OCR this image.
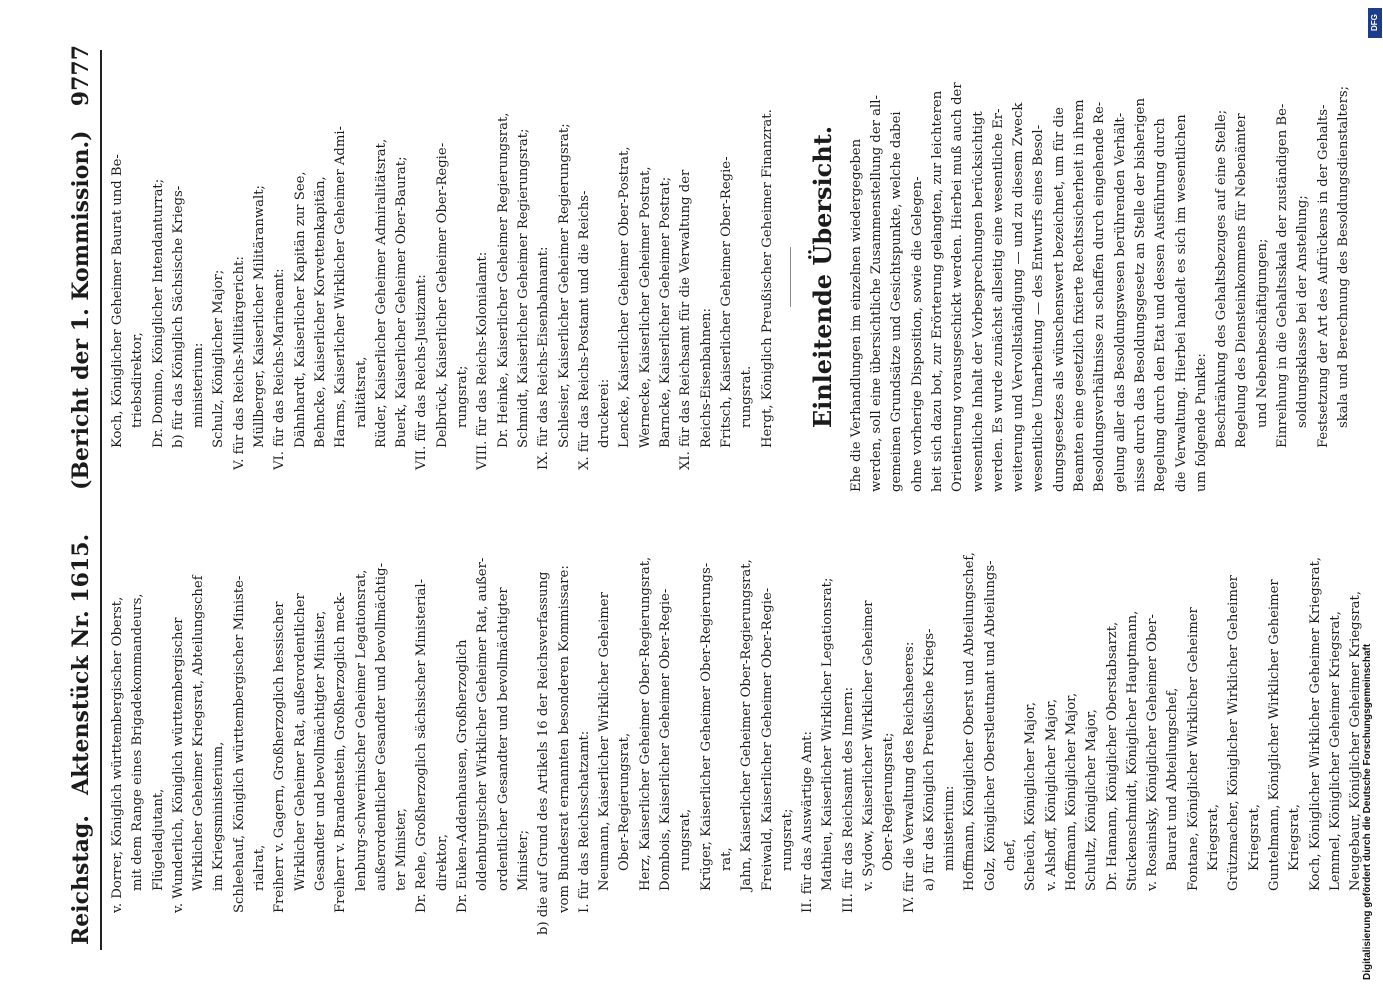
Reichstag.
Aktenstück Nr. 1615.
(Bericht der 1. Kommission.)
9777
v. Dorrer, Königlich württembergischer Oberst, mit dem Range eines Brigadekommandeurs, Flügeladjutant, v. Wunderlich, Königlich württembergischer Wirklicher Geheimer Kriegsrat, Abteilungschef im Kriegsministerium, Schleehauf, Königlich württembergischer Ministe- rialrat, Freiherr v. Gagern, Großherzoglich hessischer Wirklicher Geheimer Rat, außerordentlicher Gesandter und bevollmächtigter Minister, Freiherr v. Brandenstein, Großherzoglich meck- lenburg-schwerinischer Geheimer Legationsrat, außerordentlicher Gesandter und bevollmächtig- ter Minister, Dr. Rehe, Großherzoglich sächsischer Ministerial- direktor, Dr. Euken-Addenhausen, Großherzoglich oldenburgischer Wirklicher Geheimer Rat, außer- ordentlicher Gesandter und bevollmächtigter Minister; b) die auf Grund des Artikels 16 der Reichsverfassung vom Bundesrat ernannten besonderen Kommissare: I. für das Reichsschatzamt: Neumann, Kaiserlicher Wirklicher Geheimer Ober-Regierungsrat, Herz, Kaiserlicher Geheimer Ober-Regierungsrat, Dombois, Kaiserlicher Geheimer Ober-Regie- rungsrat, Krüger, Kaiserlicher Geheimer Ober-Regierungs- rat, Jahn, Kaiserlicher Geheimer Ober-Regierungsrat, Freiwald, Kaiserlicher Geheimer Ober-Regie- rungsrat; II. für das Auswärtige Amt: Mathieu, Kaiserlicher Wirklicher Legationsrat; III. für das Reichsamt des Innern: v. Sydow, Kaiserlicher Wirklicher Geheimer Ober-Regierungsrat; IV. für die Verwaltung des Reichsheeres: a) für das Königlich Preußische Kriegs- ministerium: Hoffmann, Königlicher Oberst und Abteilungschef, Golz, Königlicher Oberstleutnant und Abteilungs- chef, Scheüch, Königlicher Major, v. Alshoff, Königlicher Major, Hoffmann, Königlicher Major, Schultz, Königlicher Major, Dr. Hamann, Königlicher Oberstabsarzt, Stuckenschmidt, Königlicher Hauptmann, v. Rosainsky, Königlicher Geheimer Ober- Baurat und Abteilungschef, Fontane, Königlicher Wirklicher Geheimer Kriegsrat, Grützmacher, Königlicher Wirklicher Geheimer Kriegsrat, Guntelmann, Königlicher Wirklicher Geheimer Kriegsrat, Koch, Königlicher Wirklicher Geheimer Kriegsrat, Lemmel, Königlicher Geheimer Kriegsrat, Neugebaur, Königlicher Geheimer Kriegsrat,
Koch, Königlicher Geheimer Baurat und Be- triebsdirektor, Dr. Domino, Königlicher Intendanturrat; b) für das Königlich Sächsische Kriegs- ministerium: Schulz, Königlicher Major; V. für das Reichs-Militärgericht: Müllberger, Kaiserlicher Militäranwalt; VI. für das Reichs-Marineamt: Dähnhardt, Kaiserlicher Kapitän zur See, Behncke, Kaiserlicher Korvettenkapitän, Harms, Kaiserlicher Wirklicher Geheimer Admi- ralitätsrat, Rüder, Kaiserlicher Geheimer Admiralitätsrat, Buerk, Kaiserlicher Geheimer Ober-Baurat; VII. für das Reichs-Justizamt: Delbrück, Kaiserlicher Geheimer Ober-Regie- rungsrat; VIII. für das Reichs-Kolonialamt: Dr. Heinke, Kaiserlicher Geheimer Regierungsrat, Schmidt, Kaiserlicher Geheimer Regierungsrat; IX. für das Reichs-Eisenbahnamt: Schlesier, Kaiserlicher Geheimer Regierungsrat; X. für das Reichs-Postamt und die Reichs- druckerei: Lencke, Kaiserlicher Geheimer Ober-Postrat, Wernecke, Kaiserlicher Geheimer Postrat, Barncke, Kaiserlicher Geheimer Postrat; XI. für das Reichsamt für die Verwaltung der Reichs-Eisenbahnen: Fritsch, Kaiserlicher Geheimer Ober-Regie- rungsrat. Hergt, Königlich Preußischer Geheimer Finanzrat. Einleitende Übersicht. Ehe die Verhandlungen im einzelnen wiedergegeben werden, soll eine übersichtliche Zusammenstellung der all- gemeinen Grundsätze und Gesichtspunkte, welche dabei ohne vorherige Disposition, sowie die Gelegen- heit sich dazu bot, zur Erörterung gelangten, zur leichteren Orientierung vorausgeschickt werden. Hierbei muß auch der wesentliche Inhalt der Vorbesprechungen berücksichtigt werden. Es wurde zunächst allseitig eine wesentliche Er- weiterung und Vervollständigung — und zu diesem Zweck wesentliche Umarbeitung — des Entwurfs eines Besol- dungsgesetzes als wünschenswert bezeichnet, um für die Beamten eine gesetzlich fixierte Rechtssicherheit in ihrem Besoldungsverhältnisse zu schaffen durch eingehende Re- gelung aller das Besoldungswesen berührenden Verhält- nisse durch das Besoldungsgesetz an Stelle der bisherigen Regelung durch den Etat und dessen Ausführung durch die Verwaltung. Hierbei handelt es sich im wesentlichen um folgende Punkte: Beschränkung des Gehaltsbezuges auf eine Stelle; Regelung des Diensteinkommens für Nebenämter und Nebenbeschäftigungen; Einreihung in die Gehaltsskala der zuständigen Be- soldungsklasse bei der Anstellung; Festsetzung der Art des Aufrückens in der Gehalts- skala und Berechnung des Besoldungsdienstalters;
Digitalisierung gefördert durch die Deutsche Forschungsgemeinschaft
DFG
